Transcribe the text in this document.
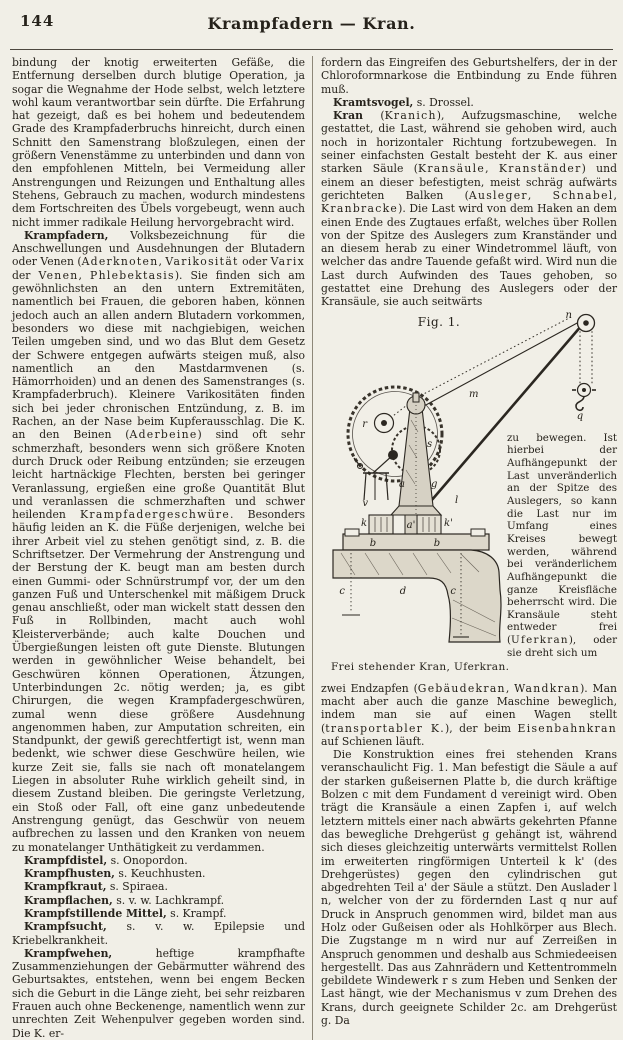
144	Krampfadern — Kran.

bindung der knotig erweiterten Gefäße, die Entfernung derselben durch blutige Operation, ja sogar die Wegnahme der Hode selbst, welch letztere wohl kaum verantwortbar sein dürfte. Die Erfahrung hat gezeigt, daß es bei hohem und bedeutendem Grade des Krampfaderbruchs hinreicht, durch einen Schnitt den Samenstrang bloßzulegen, einen der größern Venenstämme zu unterbinden und dann von den empfohlenen Mitteln, bei Vermeidung aller Anstrengungen und Reizungen und Enthaltung alles Stehens, Gebrauch zu machen, wodurch mindestens dem Fortschreiten des Übels vorgebeugt, wenn auch nicht immer radikale Heilung hervorgebracht wird.

Krampfadern, Volksbezeichnung für die Anschwellungen und Ausdehnungen der Blutadern oder Venen (Aderknoten, Varikosität oder Varix der Venen, Phlebektasis). Sie finden sich am gewöhnlichsten an den untern Extremitäten, namentlich bei Frauen, die geboren haben, können jedoch auch an allen andern Blutadern vorkommen, besonders wo diese mit nachgiebigen, weichen Teilen umgeben sind, und wo das Blut dem Gesetz der Schwere entgegen aufwärts steigen muß, also namentlich an den Mastdarmvenen (s. Hämorrhoiden) und an denen des Samenstranges (s. Krampfaderbruch). Kleinere Varikositäten finden sich bei jeder chronischen Entzündung, z. B. im Rachen, an der Nase beim Kupferausschlag. Die K. an den Beinen (Aderbeine) sind oft sehr schmerzhaft, besonders wenn sich größere Knoten durch Druck oder Reibung entzünden; sie erzeugen leicht hartnäckige Flechten, bersten bei geringer Veranlassung, ergießen eine große Quantität Blut und veranlassen die schmerzhaften und schwer heilenden Krampfadergeschwüre. Besonders häufig leiden an K. die Füße derjenigen, welche bei ihrer Arbeit viel zu stehen genötigt sind, z. B. die Schriftsetzer. Der Vermehrung der Anstrengung und der Berstung der K. beugt man am besten durch einen Gummi- oder Schnürstrumpf vor, der um den ganzen Fuß und Unterschenkel mit mäßigem Druck genau anschließt, oder man wickelt statt dessen den Fuß in Rollbinden, macht auch wohl Kleisterverbände; auch kalte Douchen und Übergießungen leisten oft gute Dienste. Blutungen werden in gewöhnlicher Weise behandelt, bei Geschwüren können Operationen, Ätzungen, Unterbindungen 2c. nötig werden; ja, es gibt Chirurgen, die wegen Krampfadergeschwüren, zumal wenn diese größere Ausdehnung angenommen haben, zur Amputation schreiten, ein Standpunkt, der gewiß gerechtfertigt ist, wenn man bedenkt, wie schwer diese Geschwüre heilen, wie kurze Zeit sie, falls sie nach oft monatelangem Liegen in absoluter Ruhe wirklich geheilt sind, in diesem Zustand bleiben. Die geringste Verletzung, ein Stoß oder Fall, oft eine ganz unbedeutende Anstrengung genügt, das Geschwür von neuem aufbrechen zu lassen und den Kranken von neuem zu monatelanger Unthätigkeit zu verdammen.

Krampfdistel, s. Onopordon.

Krampfhusten, s. Keuchhusten.

Krampfkraut, s. Spiraea.

Krampflachen, s. v. w. Lachkrampf.

Krampfstillende Mittel, s. Krampf.

Krampfsucht, s. v. w. Epilepsie und Kriebelkrankheit.

Krampfwehen, heftige krampfhafte Zusammenziehungen der Gebärmutter während des Geburtsaktes, entstehen, wenn bei engem Becken sich die Geburt in die Länge zieht, bei sehr reizbaren Frauen auch ohne Beckenenge, namentlich wenn zur unrechten Zeit Wehenpulver gegeben worden sind. Die K. er-

fordern das Eingreifen des Geburtshelfers, der in der Chloroformnarkose die Entbindung zu Ende führen muß.

Kramtsvogel, s. Drossel.

Kran (Kranich), Aufzugsmaschine, welche gestattet, die Last, während sie gehoben wird, auch noch in horizontaler Richtung fortzubewegen. In seiner einfachsten Gestalt besteht der K. aus einer starken Säule (Kransäule, Kranständer) und einem an dieser befestigten, meist schräg aufwärts gerichteten Balken (Ausleger, Schnabel, Kranbracke). Die Last wird von dem Haken an dem einen Ende des Zugtaues erfaßt, welches über Rollen von der Spitze des Auslegers zum Kranständer und an diesem herab zu einer Windetrommel läuft, von welcher das andre Tauende gefaßt wird. Wird nun die Last durch Aufwinden des Taues gehoben, so gestattet eine Drehung des Auslegers oder der Kransäule, sie auch seitwärts

Fig. 1.	n
m
l
q
r
s
g
a
v
k	a'	k'
b	b
c	d	c

zu bewegen. Ist hierbei der Aufhängepunkt der Last unveränderlich an der Spitze des Auslegers, so kann die Last nur im Umfang eines Kreises bewegt werden, während bei veränderlichem Aufhängepunkt die ganze Kreisfläche beherrscht wird. Die Kransäule steht entweder frei (Uferkran), oder sie dreht sich um

Frei stehender Kran, Uferkran.

zwei Endzapfen (Gebäudekran, Wandkran). Man macht aber auch die ganze Maschine beweglich, indem man sie auf einen Wagen stellt (transportabler K.), der beim Eisenbahnkran auf Schienen läuft.

Die Konstruktion eines frei stehenden Krans veranschaulicht Fig. 1. Man befestigt die Säule a auf der starken gußeisernen Platte b, die durch kräftige Bolzen c mit dem Fundament d vereinigt wird. Oben trägt die Kransäule a einen Zapfen i, auf welch letztern mittels einer nach abwärts gekehrten Pfanne das bewegliche Drehgerüst g gehängt ist, während sich dieses gleichzeitig unterwärts vermittelst Rollen im erweiterten ringförmigen Unterteil k k' (des Drehgerüstes) gegen den cylindrischen gut abgedrehten Teil a' der Säule a stützt. Den Auslader l n, welcher von der zu fördernden Last q nur auf Druck in Anspruch genommen wird, bildet man aus Holz oder Gußeisen oder als Hohlkörper aus Blech. Die Zugstange m n wird nur auf Zerreißen in Anspruch genommen und deshalb aus Schmiedeeisen hergestellt. Das aus Zahnrädern und Kettentrommeln gebildete Windewerk r s zum Heben und Senken der Last hängt, wie der Mechanismus v zum Drehen des Krans, durch geeignete Schilder 2c. am Drehgerüst g. Da
